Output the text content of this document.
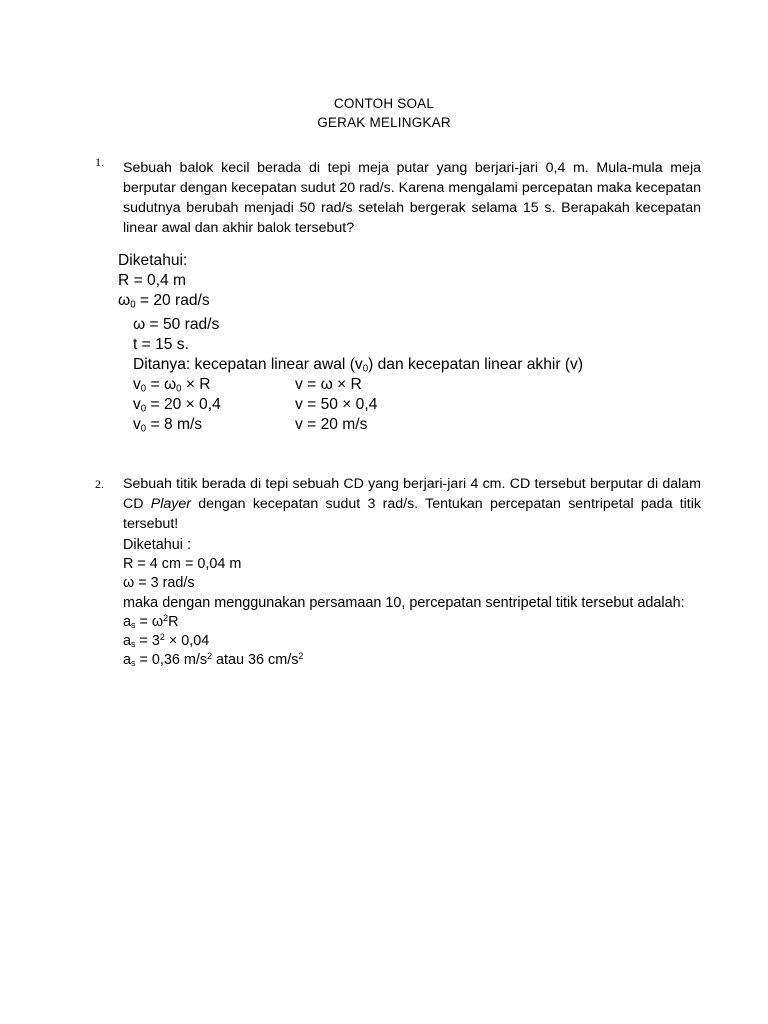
CONTOH SOAL
GERAK MELINGKAR
1. Sebuah balok kecil berada di tepi meja putar yang berjari-jari 0,4 m. Mula-mula meja
berputar dengan kecepatan sudut 20 rad/s. Karena mengalami percepatan maka kecepatan
sudutnya berubah menjadi 50 rad/s setelah bergerak selama 15 s. Berapakah kecepatan
linear awal dan akhir balok tersebut?

Diketahui:
R = 0,4 m
$\omega_0 = 20$ rad/s
ω = 50 rad/s
t = 15 s.
Ditanya: kecepatan linear awal $(v_0)$ dan kecepatan linear akhir (v)
$v_0 = \omega_0 \times R$	v = ω × R
$v_0 = 20 \times 0,4$	v = 50 × 0,4
$v_0 = 8$ m/s	v = 20 m/s
2. Sebuah titik berada di tepi sebuah CD yang berjari-jari 4 cm. CD tersebut berputar di dalam
CD Player dengan kecepatan sudut 3 rad/s. Tentukan percepatan sentripetal pada titik
tersebut!

Diketahui :
R = 4 cm = 0,04 m
ω = 3 rad/s
maka dengan menggunakan persamaan 10, percepatan sentripetal titik tersebut adalah:
$a_s = \omega^2R$
$a_s = 3^2 \times 0,04$
$a_s = 0,36$ $m/s^2$ atau 36 $cm/s^2$
